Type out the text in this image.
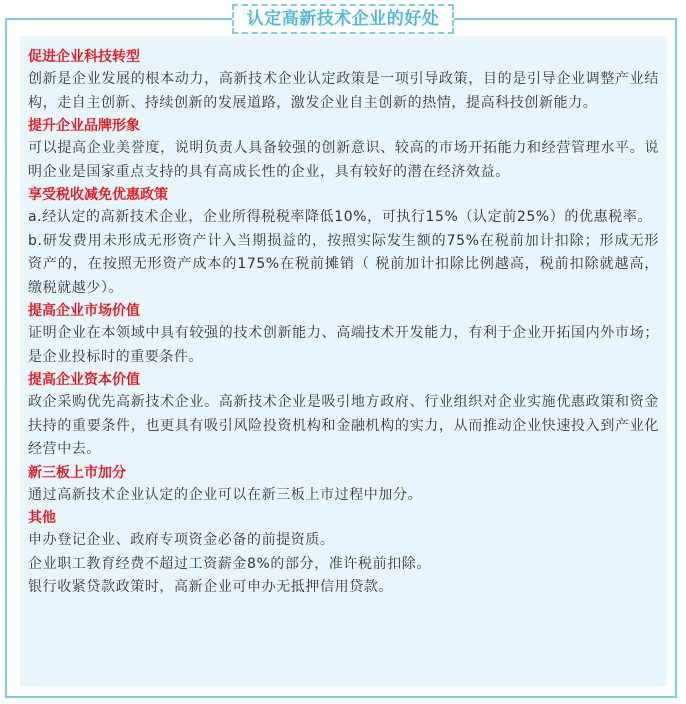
认定高新技术企业的好处

促进企业科技转型

创新是企业发展的根本动力，高新技术企业认定政策是一项引导政策，目的是引导企业调整产业结构，走自主创新、持续创新的发展道路，激发企业自主创新的热情，提高科技创新能力。

提升企业品牌形象

可以提高企业美誉度，说明负责人具备较强的创新意识、较高的市场开拓能力和经营管理水平。说明企业是国家重点支持的具有高成长性的企业，具有较好的潜在经济效益。

享受税收减免优惠政策

a.经认定的高新技术企业，企业所得税税率降低10%，可执行15%（认定前25%）的优惠税率。

b.研发费用未形成无形资产计入当期损益的，按照实际发生额的75%在税前加计扣除；形成无形资产的，在按照无形资产成本的175%在税前摊销（ 税前加计扣除比例越高，税前扣除就越高，缴税就越少）。

提高企业市场价值

证明企业在本领域中具有较强的技术创新能力、高端技术开发能力，有利于企业开拓国内外市场；是企业投标时的重要条件。

提高企业资本价值

政企采购优先高新技术企业。高新技术企业是吸引地方政府、行业组织对企业实施优惠政策和资金扶持的重要条件，也更具有吸引风险投资机构和金融机构的实力，从而推动企业快速投入到产业化经营中去。

新三板上市加分

通过高新技术企业认定的企业可以在新三板上市过程中加分。

其他

申办登记企业、政府专项资金必备的前提资质。

企业职工教育经费不超过工资薪金8%的部分，准许税前扣除。

银行收紧贷款政策时，高新企业可申办无抵押信用贷款。
